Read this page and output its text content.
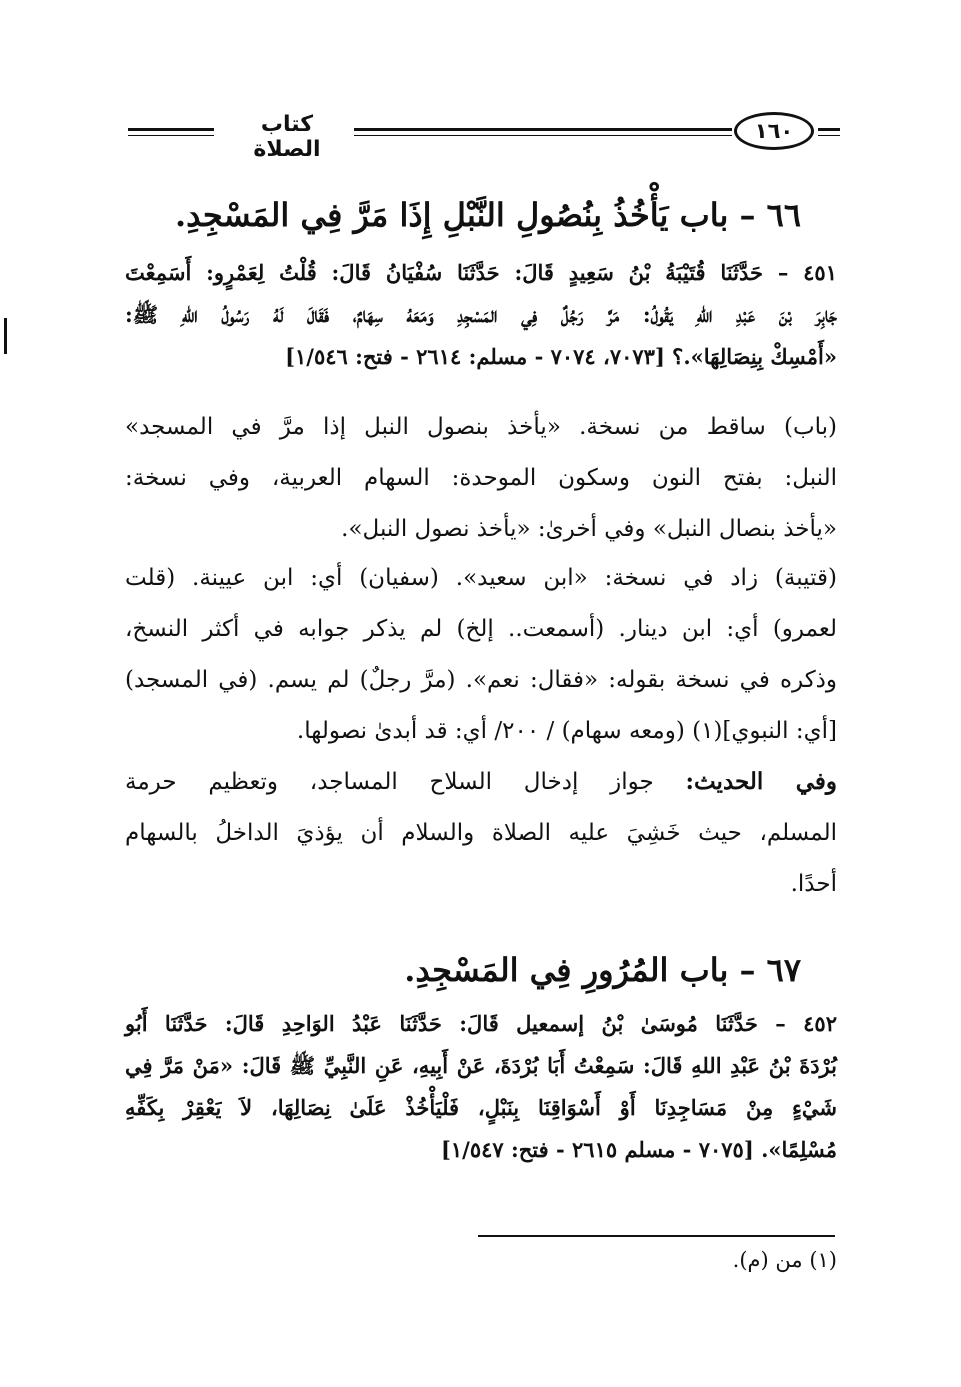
كتاب الصلاة
١٦٠
٦٦ – باب يَأْخُذُ بِنُصُولِ النَّبْلِ إِذَا مَرَّ فِي المَسْجِدِ.
٤٥١ – حَدَّثَنَا قُتَيْبَةُ بْنُ سَعِيدٍ قَالَ: حَدَّثَنَا سُفْيَانُ قَالَ: قُلْتُ لِعَمْرٍو: أَسَمِعْتَ
جَابِرَ بْنَ عَبْدِ اللهِ يَقُولُ: مَرَّ رَجُلٌ فِي المَسْجِدِ وَمَعَهُ سِهَامٌ، فَقَالَ لَهُ رَسُولُ اللهِ ﷺ:
«أَمْسِكْ بِنِصَالِهَا».؟ [٧٠٧٣، ٧٠٧٤ - مسلم: ٢٦١٤ - فتح: ١/٥٤٦]
(باب) ساقط من نسخة. «يأخذ بنصول النبل إذا مرَّ في المسجد»
النبل: بفتح النون وسكون الموحدة: السهام العربية، وفي نسخة:
«يأخذ بنصال النبل» وفي أخرىٰ: «يأخذ نصول النبل».
(قتيبة) زاد في نسخة: «ابن سعيد». (سفيان) أي: ابن عيينة. (قلت
لعمرو) أي: ابن دينار. (أسمعت.. إلخ) لم يذكر جوابه في أكثر النسخ،
وذكره في نسخة بقوله: «فقال: نعم». (مرَّ رجلٌ) لم يسم. (في المسجد)
[أي: النبوي](١) (ومعه سهام) / ٢٠٠/ أي: قد أبدىٰ نصولها.
وفي الحديث: جواز إدخال السلاح المساجد، وتعظيم حرمة
المسلم، حيث خَشِيَ عليه الصلاة والسلام أن يؤذيَ الداخلُ بالسهام
أحدًا.
٦٧ – باب المُرُورِ فِي المَسْجِدِ.
٤٥٢ – حَدَّثَنَا مُوسَىٰ بْنُ إسمعيل قَالَ: حَدَّثَنَا عَبْدُ الوَاحِدِ قَالَ: حَدَّثَنَا أَبُو
بُرْدَةَ بْنُ عَبْدِ اللهِ قَالَ: سَمِعْتُ أَبَا بُرْدَةَ، عَنْ أَبِيهِ، عَنِ النَّبِيِّ ﷺ قَالَ: «مَنْ مَرَّ فِي
شَيْءٍ مِنْ مَسَاجِدِنَا أَوْ أَسْوَاقِنَا بِنَبْلٍ، فَلْيَأْخُذْ عَلَىٰ نِصَالِهَا، لاَ يَعْقِرْ بِكَفِّهِ
مُسْلِمًا». [٧٠٧٥ - مسلم ٢٦١٥ - فتح: ١/٥٤٧]
(١) من (م).
